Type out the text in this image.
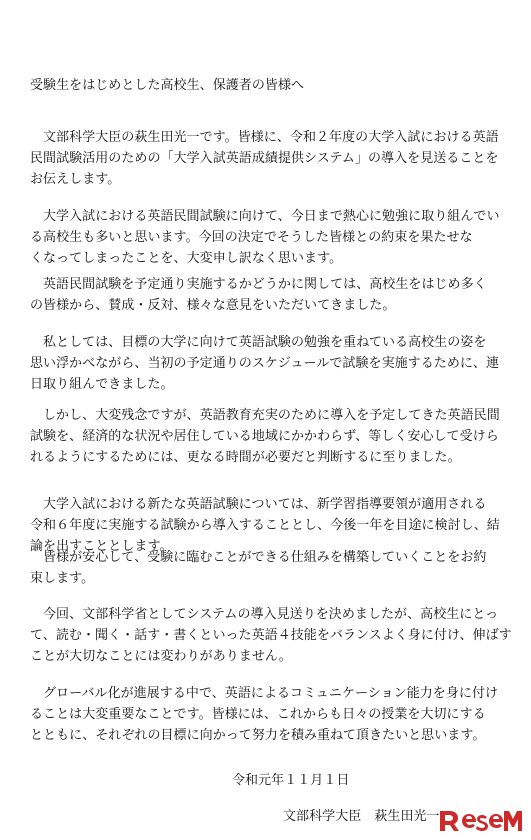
受験生をはじめとした高校生、保護者の皆様へ
文部科学大臣の萩生田光一です。皆様に、令和２年度の大学入試における英語
民間試験活用のための「大学入試英語成績提供システム」の導入を見送ることを
お伝えします。
大学入試における英語民間試験に向けて、今日まで熱心に勉強に取り組んでい
る高校生も多いと思います。今回の決定でそうした皆様との約束を果たせな
くなってしまったことを、大変申し訳なく思います。
英語民間試験を予定通り実施するかどうかに関しては、高校生をはじめ多く
の皆様から、賛成・反対、様々な意見をいただいてきました。
私としては、目標の大学に向けて英語試験の勉強を重ねている高校生の姿を
思い浮かべながら、当初の予定通りのスケジュールで試験を実施するために、連
日取り組んできました。
しかし、大変残念ですが、英語教育充実のために導入を予定してきた英語民間
試験を、経済的な状況や居住している地域にかかわらず、等しく安心して受けら
れるようにするためには、更なる時間が必要だと判断するに至りました。
大学入試における新たな英語試験については、新学習指導要領が適用される
令和６年度に実施する試験から導入することとし、今後一年を目途に検討し、結
論を出すこととします。
皆様が安心して、受験に臨むことができる仕組みを構築していくことをお約
束します。
今回、文部科学省としてシステムの導入見送りを決めましたが、高校生にとっ
て、読む・聞く・話す・書くといった英語４技能をバランスよく身に付け、伸ばす
ことが大切なことには変わりがありません。
グローバル化が進展する中で、英語によるコミュニケーション能力を身に付け
ることは大変重要なことです。皆様には、これからも日々の授業を大切にする
とともに、それぞれの目標に向かって努力を積み重ねて頂きたいと思います。
令和元年１１月１日
文部科学大臣　萩生田光一
